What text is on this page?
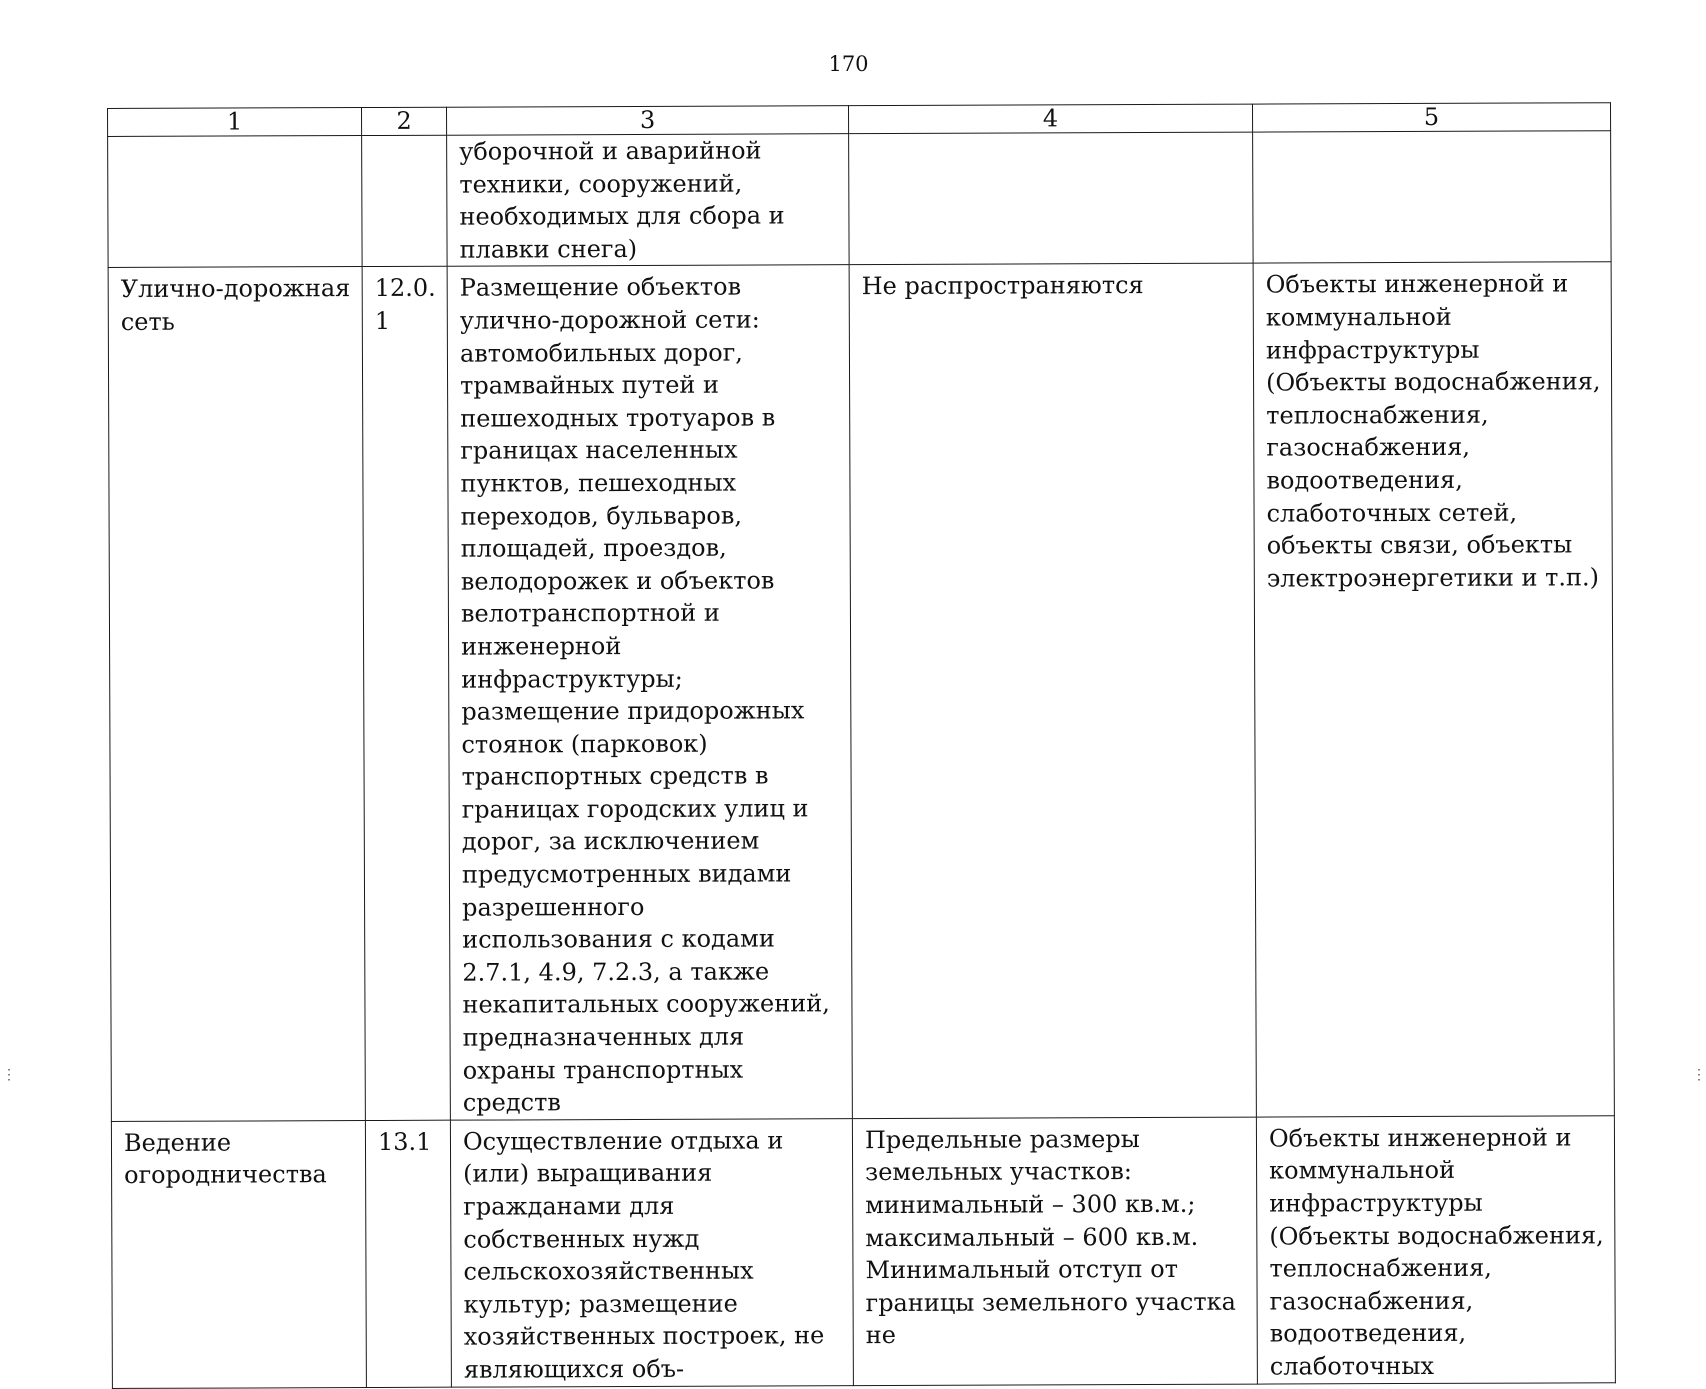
170
1	2	3	4	5

		уборочной и аварийной техники, сооружений, необходимых для сбора и плавки снега)		

Улично-дорожная сеть	12.0.1	Размещение объектов улично-дорожной сети: автомобильных дорог, трамвайных путей и пешеходных тротуаров в границах населенных пунктов, пешеходных переходов, бульваров, площадей, проездов, велодорожек и объектов велотранспортной и инженерной инфраструктуры; размещение придорожных стоянок (парковок) транспортных средств в границах городских улиц и дорог, за исключением предусмотренных видами разрешенного использования с кодами 2.7.1, 4.9, 7.2.3, а также некапитальных сооружений, предназначенных для охраны транспортных средств	Не распространяются	Объекты инженерной и коммунальной инфраструктуры (Объекты водоснабжения, теплоснабжения, газоснабжения, водоотведения, слаботочных сетей, объекты связи, объекты электроэнергетики и т.п.)

Ведение огородничества	13.1	Осуществление отдыха и (или) выращивания гражданами для собственных нужд сельскохозяйственных культур; размещение хозяйственных построек, не являющихся объ-	Предельные размеры земельных участков: минимальный – 300 кв.м.; максимальный – 600 кв.м. Минимальный отступ от границы земельного участка не	Объекты инженерной и коммунальной инфраструктуры (Объекты водоснабжения, теплоснабжения, газоснабжения, водоотведения, слаботочных
⋮	⋮
